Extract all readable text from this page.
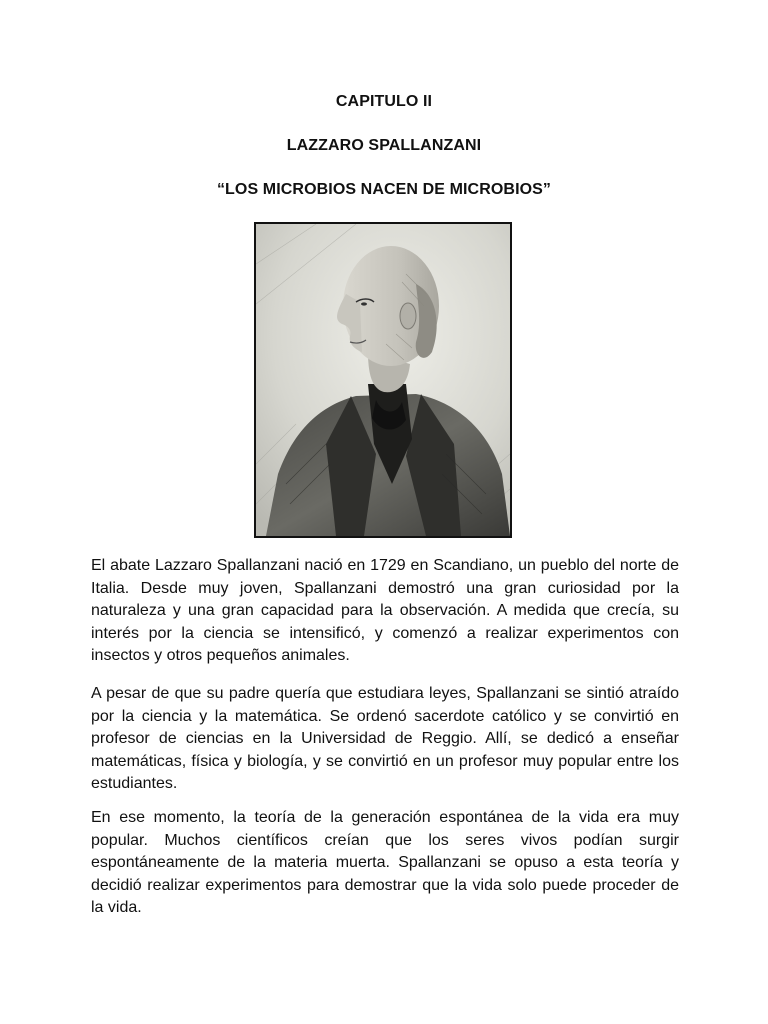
CAPITULO II
LAZZARO SPALLANZANI
“LOS MICROBIOS NACEN DE MICROBIOS”

El abate Lazzaro Spallanzani nació en 1729 en Scandiano, un pueblo del norte de Italia. Desde muy joven, Spallanzani demostró una gran curiosidad por la naturaleza y una gran capacidad para la observación. A medida que crecía, su interés por la ciencia se intensificó, y comenzó a realizar experimentos con insectos y otros pequeños animales.

A pesar de que su padre quería que estudiara leyes, Spallanzani se sintió atraído por la ciencia y la matemática. Se ordenó sacerdote católico y se convirtió en profesor de ciencias en la Universidad de Reggio. Allí, se dedicó a enseñar matemáticas, física y biología, y se convirtió en un profesor muy popular entre los estudiantes.

En ese momento, la teoría de la generación espontánea de la vida era muy popular. Muchos científicos creían que los seres vivos podían surgir espontáneamente de la materia muerta. Spallanzani se opuso a esta teoría y decidió realizar experimentos para demostrar que la vida solo puede proceder de la vida.
